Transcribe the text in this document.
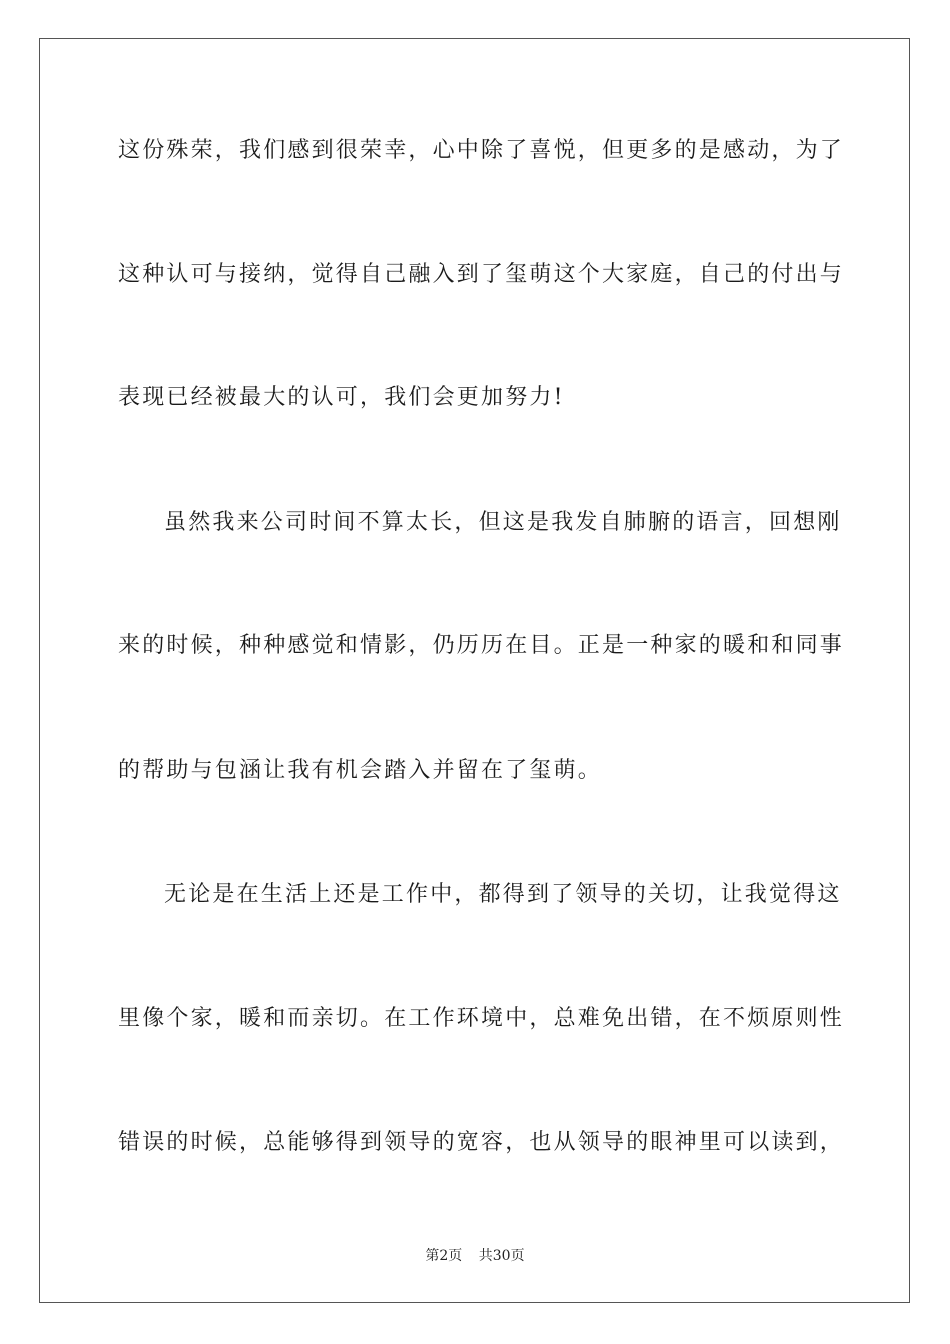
这份殊荣，我们感到很荣幸，心中除了喜悦，但更多的是感动，为了
这种认可与接纳，觉得自己融入到了玺萌这个大家庭，自己的付出与
表现已经被最大的认可，我们会更加努力!
虽然我来公司时间不算太长，但这是我发自肺腑的语言，回想刚
来的时候，种种感觉和情影，仍历历在目。正是一种家的暖和和同事
的帮助与包涵让我有机会踏入并留在了玺萌。
无论是在生活上还是工作中，都得到了领导的关切，让我觉得这
里像个家，暖和而亲切。在工作环境中，总难免出错，在不烦原则性
错误的时候，总能够得到领导的宽容，也从领导的眼神里可以读到，
第2页 共30页
